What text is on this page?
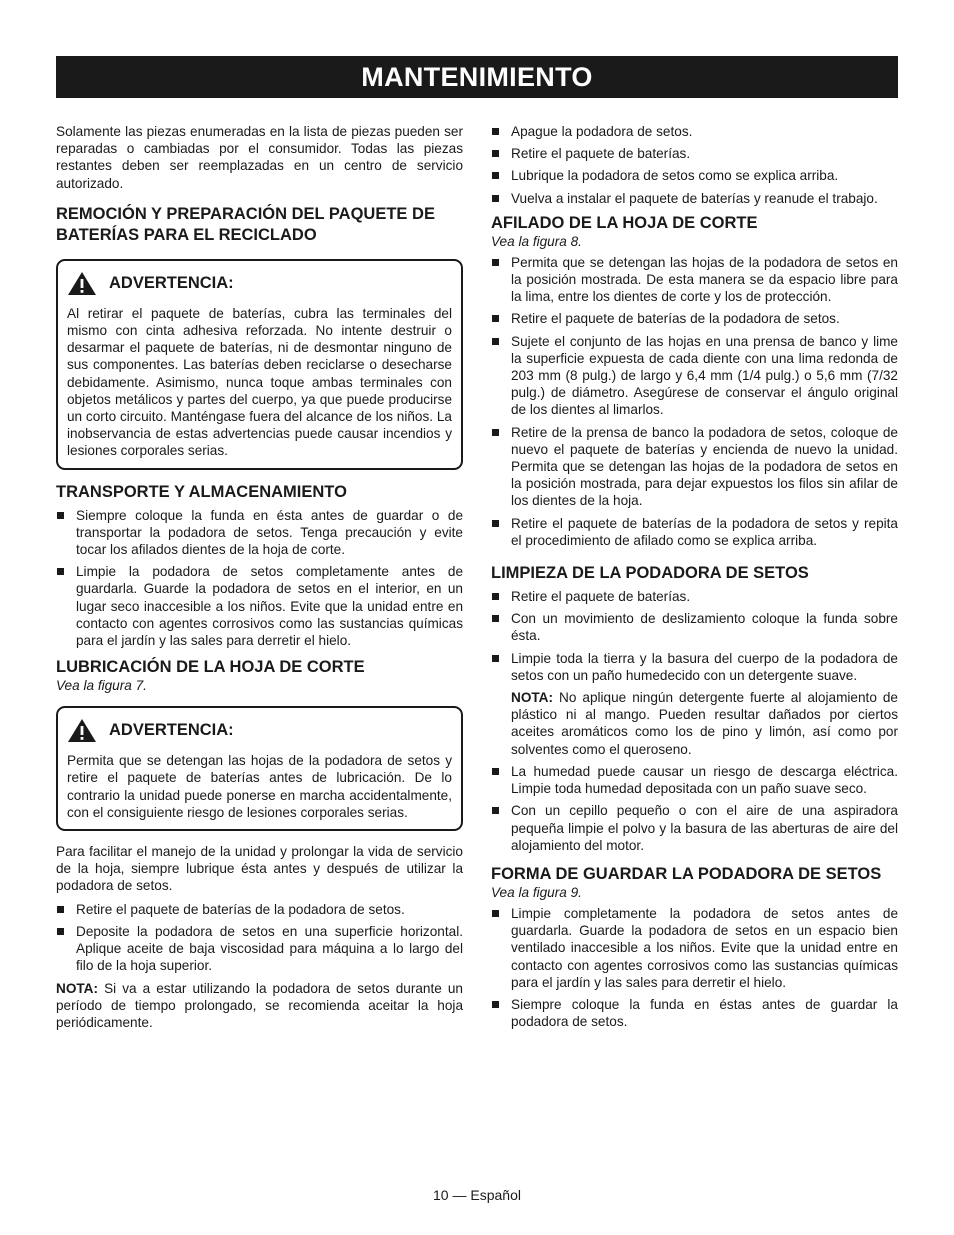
MANTENIMIENTO

Solamente las piezas enumeradas en la lista de piezas pueden ser reparadas o cambiadas por el consumidor. Todas las piezas restantes deben ser reemplazadas en un centro de servicio autorizado.

REMOCIÓN Y PREPARACIÓN DEL PAQUETE DE BATERÍAS PARA EL RECICLADO
ADVERTENCIA:

Al retirar el paquete de baterías, cubra las terminales del mismo con cinta adhesiva reforzada. No intente destruir o desarmar el paquete de baterías, ni de desmontar ninguno de sus componentes. Las baterías deben reciclarse o desecharse debidamente. Asimismo, nunca toque ambas terminales con objetos metálicos y partes del cuerpo, ya que puede producirse un corto circuito. Manténgase fuera del alcance de los niños. La inobservancia de estas advertencias puede causar incendios y lesiones corporales serias.

TRANSPORTE Y ALMACENAMIENTO
Siempre coloque la funda en ésta antes de guardar o de transportar la podadora de setos. Tenga precaución y evite tocar los afilados dientes de la hoja de corte.
Limpie la podadora de setos completamente antes de guardarla. Guarde la podadora de setos en el interior, en un lugar seco inaccesible a los niños. Evite que la unidad entre en contacto con agentes corrosivos como las sustancias químicas para el jardín y las sales para derretir el hielo.
LUBRICACIÓN DE LA HOJA DE CORTE
Vea la figura 7.
ADVERTENCIA:

Permita que se detengan las hojas de la podadora de setos y retire el paquete de baterías antes de lubricación. De lo contrario la unidad puede ponerse en marcha accidentalmente, con el consiguiente riesgo de lesiones corporales serias.

Para facilitar el manejo de la unidad y prolongar la vida de servicio de la hoja, siempre lubrique ésta antes y después de utilizar la podadora de setos.

Retire el paquete de baterías de la podadora de setos.
Deposite la podadora de setos en una superficie horizontal. Aplique aceite de baja viscosidad para máquina a lo largo del filo de la hoja superior.

NOTA: Si va a estar utilizando la podadora de setos durante un período de tiempo prolongado, se recomienda aceitar la hoja periódicamente.

Apague la podadora de setos.
Retire el paquete de baterías.
Lubrique la podadora de setos como se explica arriba.
Vuelva a instalar el paquete de baterías y reanude el trabajo.
AFILADO DE LA HOJA DE CORTE
Vea la figura 8.
Permita que se detengan las hojas de la podadora de setos en la posición mostrada. De esta manera se da espacio libre para la lima, entre los dientes de corte y los de protección.
Retire el paquete de baterías de la podadora de setos.
Sujete el conjunto de las hojas en una prensa de banco y lime la superficie expuesta de cada diente con una lima redonda de 203 mm (8 pulg.) de largo y 6,4 mm (1/4 pulg.) o 5,6 mm (7/32 pulg.) de diámetro. Asegúrese de conservar el ángulo original de los dientes al limarlos.
Retire de la prensa de banco la podadora de setos, coloque de nuevo el paquete de baterías y encienda de nuevo la unidad. Permita que se detengan las hojas de la podadora de setos en la posición mostrada, para dejar expuestos los filos sin afilar de los dientes de la hoja.
Retire el paquete de baterías de la podadora de setos y repita el procedimiento de afilado como se explica arriba.
LIMPIEZA DE LA PODADORA DE SETOS
Retire el paquete de baterías.
Con un movimiento de deslizamiento coloque la funda sobre ésta.
Limpie toda la tierra y la basura del cuerpo de la podadora de setos con un paño humedecido con un detergente suave.
NOTA: No aplique ningún detergente fuerte al alojamiento de plástico ni al mango. Pueden resultar dañados por ciertos aceites aromáticos como los de pino y limón, así como por solventes como el queroseno.
La humedad puede causar un riesgo de descarga eléctrica. Limpie toda humedad depositada con un paño suave seco.
Con un cepillo pequeño o con el aire de una aspiradora pequeña limpie el polvo y la basura de las aberturas de aire del alojamiento del motor.
FORMA DE GUARDAR LA PODADORA DE SETOS
Vea la figura 9.
Limpie completamente la podadora de setos antes de guardarla. Guarde la podadora de setos en un espacio bien ventilado inaccesible a los niños. Evite que la unidad entre en contacto con agentes corrosivos como las sustancias químicas para el jardín y las sales para derretir el hielo.
Siempre coloque la funda en éstas antes de guardar la podadora de setos.
10 — Español
